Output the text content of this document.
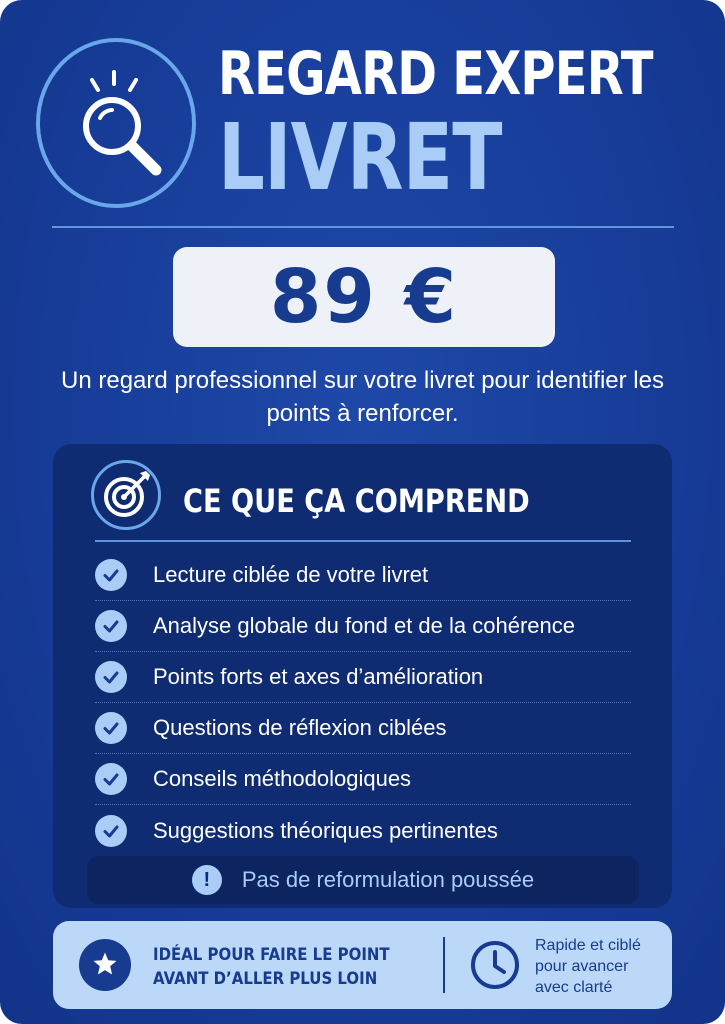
REGARD EXPERT
LIVRET
89 €
Un regard professionnel sur votre livret pour identifier les points à renforcer.
CE QUE ÇA COMPREND
Lecture ciblée de votre livret
Analyse globale du fond et de la cohérence
Points forts et axes d’amélioration
Questions de réflexion ciblées
Conseils méthodologiques
Suggestions théoriques pertinentes
!	Pas de reformulation poussée
IDÉAL POUR FAIRE LE POINT
AVANT D’ALLER PLUS LOIN
Rapide et ciblé
pour avancer
avec clarté
